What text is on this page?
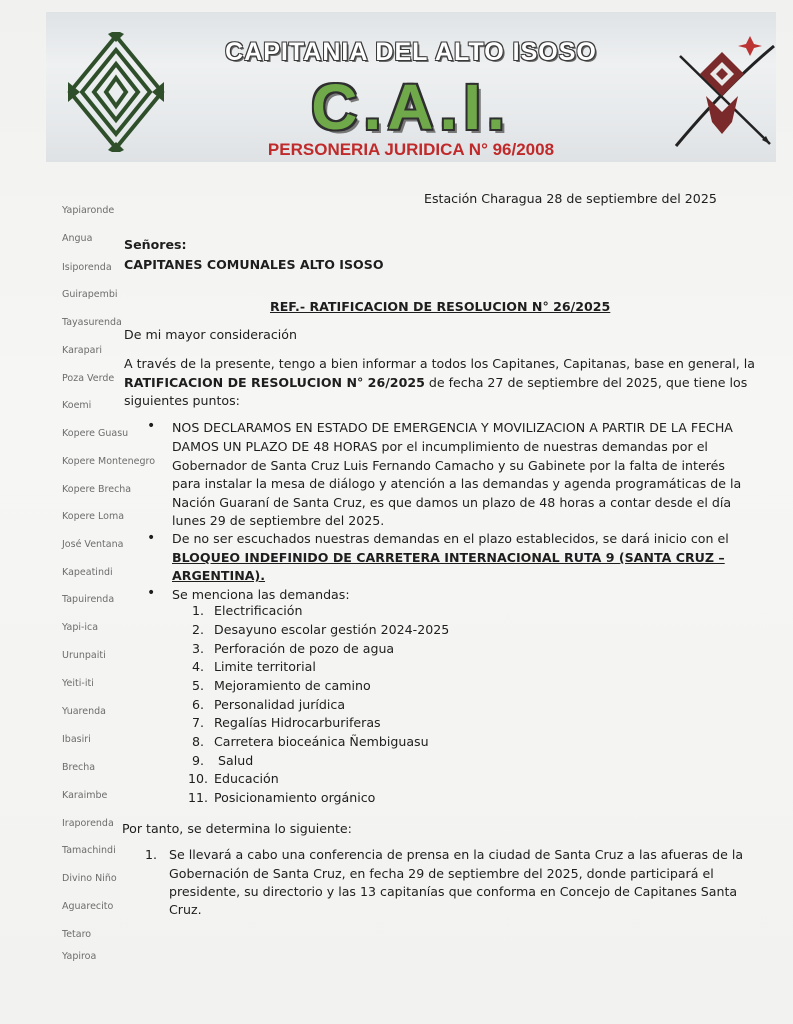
CAPITANIA DEL ALTO ISOSO
C.A.I.
PERSONERIA JURIDICA N° 96/2008
Yapiaronde
Angua
Isiporenda
Guirapembi
Tayasurenda
Karapari
Poza Verde
Koemi
Kopere Guasu
Kopere Montenegro
Kopere Brecha
Kopere Loma
José Ventana
Kapeatindi
Tapuirenda
Yapi-ica
Urunpaiti
Yeiti-iti
Yuarenda
Ibasiri
Brecha
Karaimbe
Iraporenda
Tamachindi
Divino Niño
Aguarecito
Tetaro
Yapiroa
Estación Charagua 28 de septiembre del 2025
Señores:
CAPITANES COMUNALES ALTO ISOSO
REF.- RATIFICACION DE RESOLUCION N° 26/2025
De mi mayor consideración
A través de la presente, tengo a bien informar a todos los Capitanes, Capitanas, base en general, la
RATIFICACION DE RESOLUCION N° 26/2025 de fecha 27 de septiembre del 2025, que tiene los
siguientes puntos:
• NOS DECLARAMOS EN ESTADO DE EMERGENCIA Y MOVILIZACION A PARTIR DE LA FECHA
DAMOS UN PLAZO DE 48 HORAS por el incumplimiento de nuestras demandas por el
Gobernador de Santa Cruz Luis Fernando Camacho y su Gabinete por la falta de interés
para instalar la mesa de diálogo y atención a las demandas y agenda programáticas de la
Nación Guaraní de Santa Cruz, es que damos un plazo de 48 horas a contar desde el día
lunes 29 de septiembre del 2025.
• De no ser escuchados nuestras demandas en el plazo establecidos, se dará inicio con el
BLOQUEO INDEFINIDO DE CARRETERA INTERNACIONAL RUTA 9 (SANTA CRUZ –
ARGENTINA).
• Se menciona las demandas:
1. Electrificación
2. Desayuno escolar gestión 2024-2025
3. Perforación de pozo de agua
4. Limite territorial
5. Mejoramiento de camino
6. Personalidad jurídica
7. Regalías Hidrocarburiferas
8. Carretera bioceánica Ñembiguasu
9. Salud
10. Educación
11. Posicionamiento orgánico
Por tanto, se determina lo siguiente:
1. Se llevará a cabo una conferencia de prensa en la ciudad de Santa Cruz a las afueras de la
Gobernación de Santa Cruz, en fecha 29 de septiembre del 2025, donde participará el
presidente, su directorio y las 13 capitanías que conforma en Concejo de Capitanes Santa
Cruz.
